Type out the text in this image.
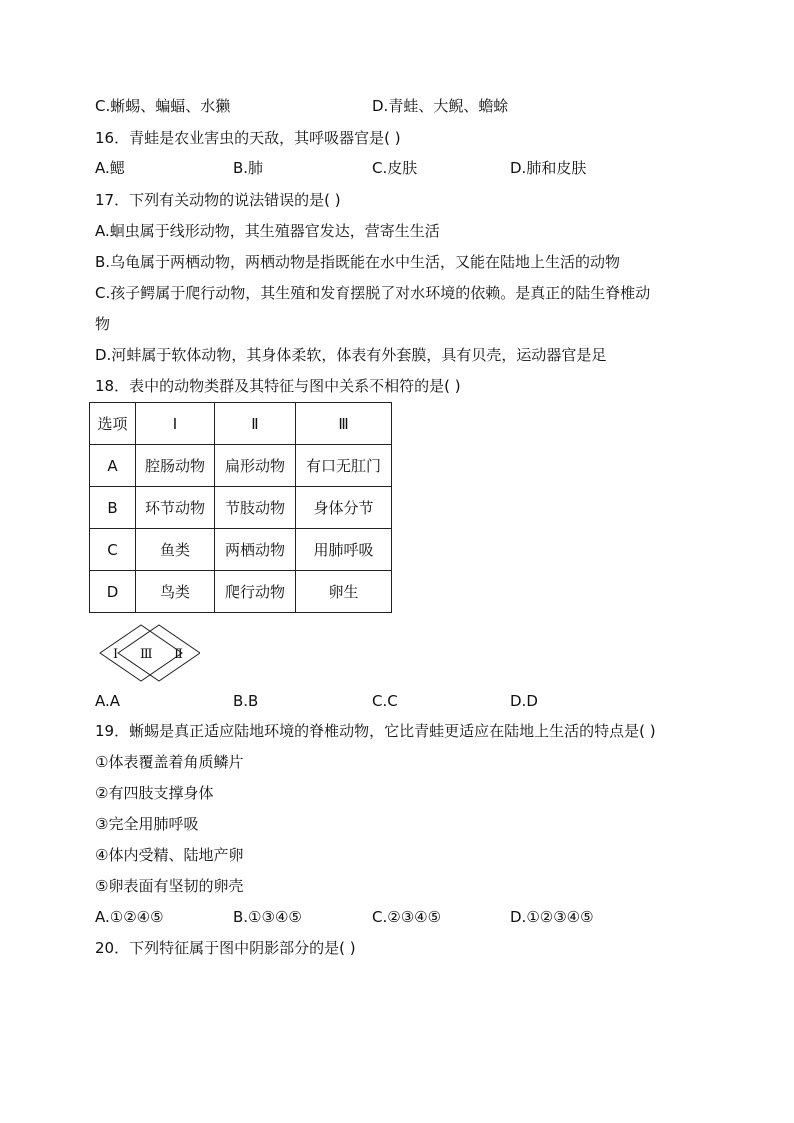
C.蜥蜴、蝙蝠、水獭	D.青蛙、大鲵、蟾蜍
16．青蛙是农业害虫的天敌，其呼吸器官是( )
A.鳃	B.肺	C.皮肤	D.肺和皮肤
17．下列有关动物的说法错误的是( )
A.蛔虫属于线形动物，其生殖器官发达，营寄生生活
B.乌龟属于两栖动物，两栖动物是指既能在水中生活，又能在陆地上生活的动物
C.孩子鳄属于爬行动物，其生殖和发育摆脱了对水环境的依赖。是真正的陆生脊椎动
物
D.河蚌属于软体动物，其身体柔软，体表有外套膜，具有贝壳，运动器官是足
18．表中的动物类群及其特征与图中关系不相符的是( )
选项	Ⅰ	Ⅱ	Ⅲ
A	腔肠动物	扁形动物	有口无肛门
B	环节动物	节肢动物	身体分节
C	鱼类	两栖动物	用肺呼吸
D	鸟类	爬行动物	卵生
I Ⅲ Ⅱ
A.A	B.B	C.C	D.D
19．蜥蜴是真正适应陆地环境的脊椎动物，它比青蛙更适应在陆地上生活的特点是( )
①体表覆盖着角质鳞片
②有四肢支撑身体
③完全用肺呼吸
④体内受精、陆地产卵
⑤卵表面有坚韧的卵壳
A.①②④⑤	B.①③④⑤	C.②③④⑤	D.①②③④⑤
20．下列特征属于图中阴影部分的是( )
